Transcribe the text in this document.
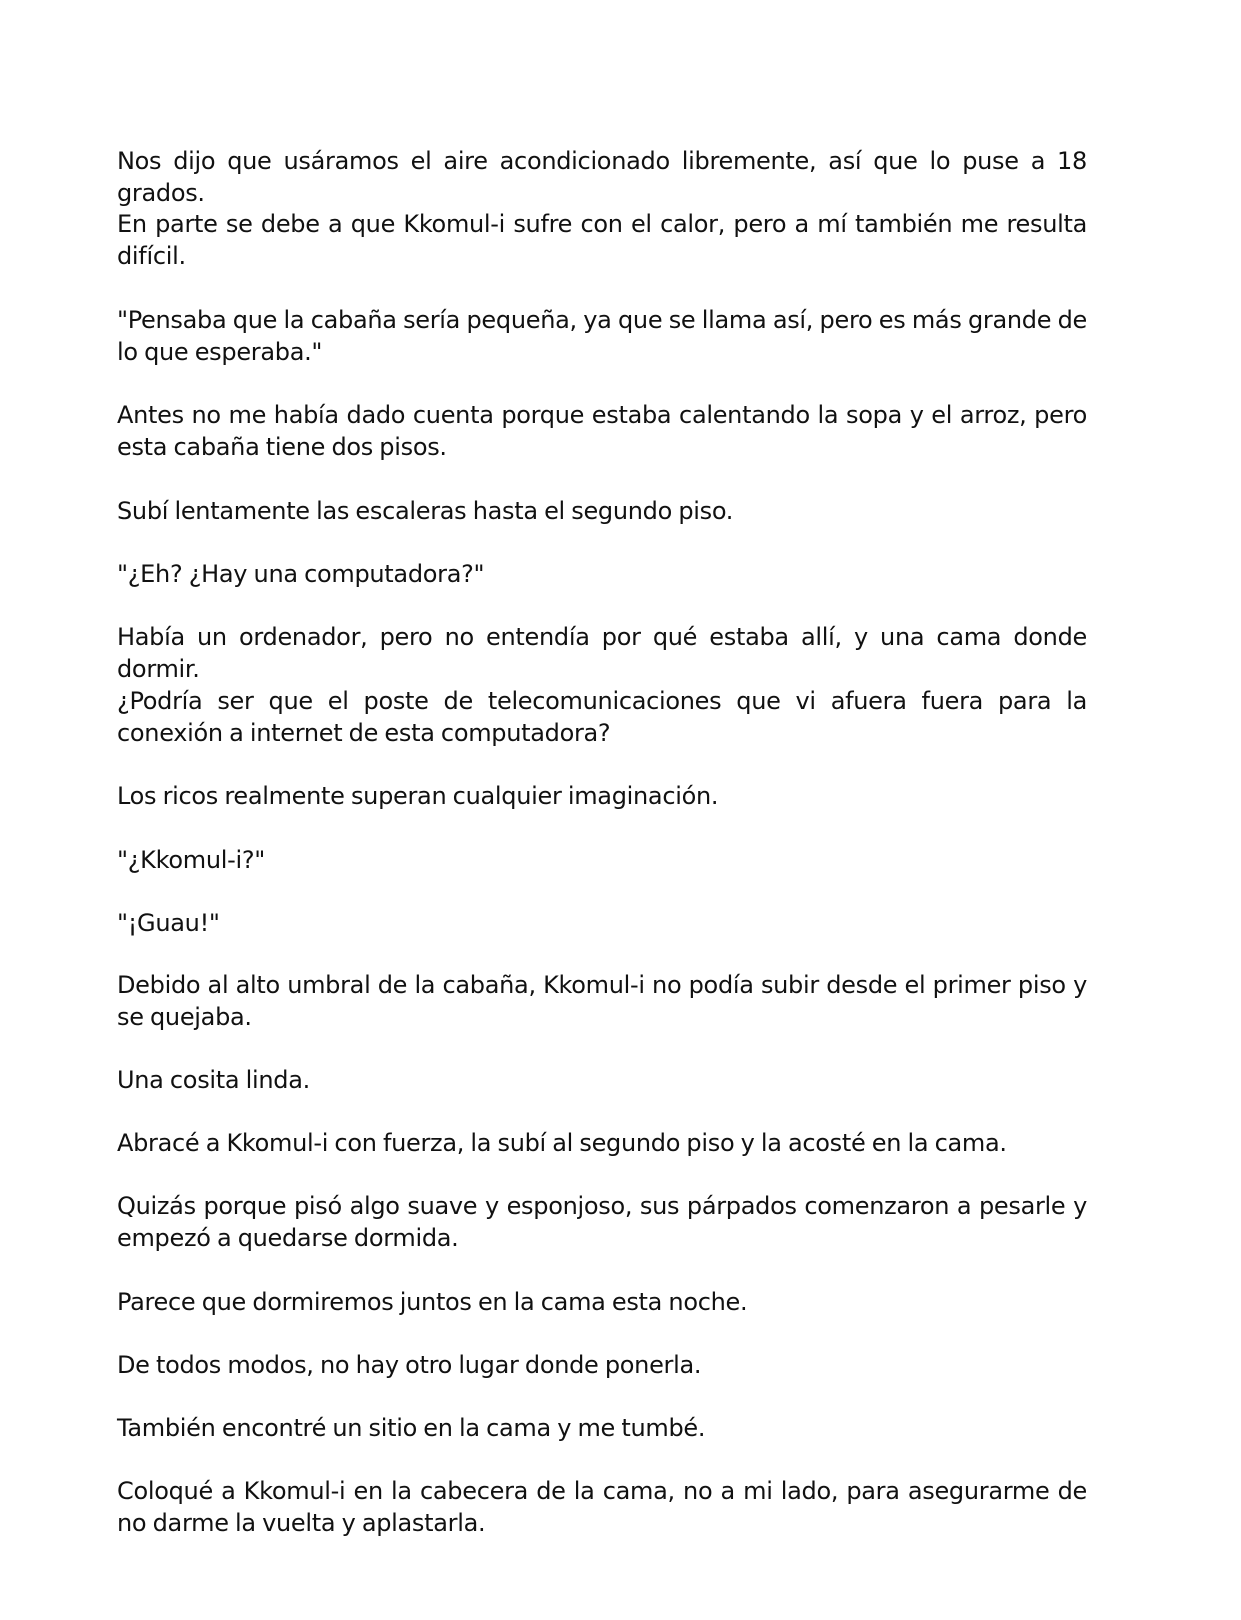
Nos dijo que usáramos el aire acondicionado libremente, así que lo puse a 18 grados.

En parte se debe a que Kkomul-i sufre con el calor, pero a mí también me resulta difícil.

"Pensaba que la cabaña sería pequeña, ya que se llama así, pero es más grande de lo que esperaba."

Antes no me había dado cuenta porque estaba calentando la sopa y el arroz, pero esta cabaña tiene dos pisos.

Subí lentamente las escaleras hasta el segundo piso.

"¿Eh? ¿Hay una computadora?"

Había un ordenador, pero no entendía por qué estaba allí, y una cama donde dormir.

¿Podría ser que el poste de telecomunicaciones que vi afuera fuera para la conexión a internet de esta computadora?

Los ricos realmente superan cualquier imaginación.

"¿Kkomul-i?"

"¡Guau!"

Debido al alto umbral de la cabaña, Kkomul-i no podía subir desde el primer piso y se quejaba.

Una cosita linda.

Abracé a Kkomul-i con fuerza, la subí al segundo piso y la acosté en la cama.

Quizás porque pisó algo suave y esponjoso, sus párpados comenzaron a pesarle y empezó a quedarse dormida.

Parece que dormiremos juntos en la cama esta noche.

De todos modos, no hay otro lugar donde ponerla.

También encontré un sitio en la cama y me tumbé.

Coloqué a Kkomul-i en la cabecera de la cama, no a mi lado, para asegurarme de no darme la vuelta y aplastarla.
